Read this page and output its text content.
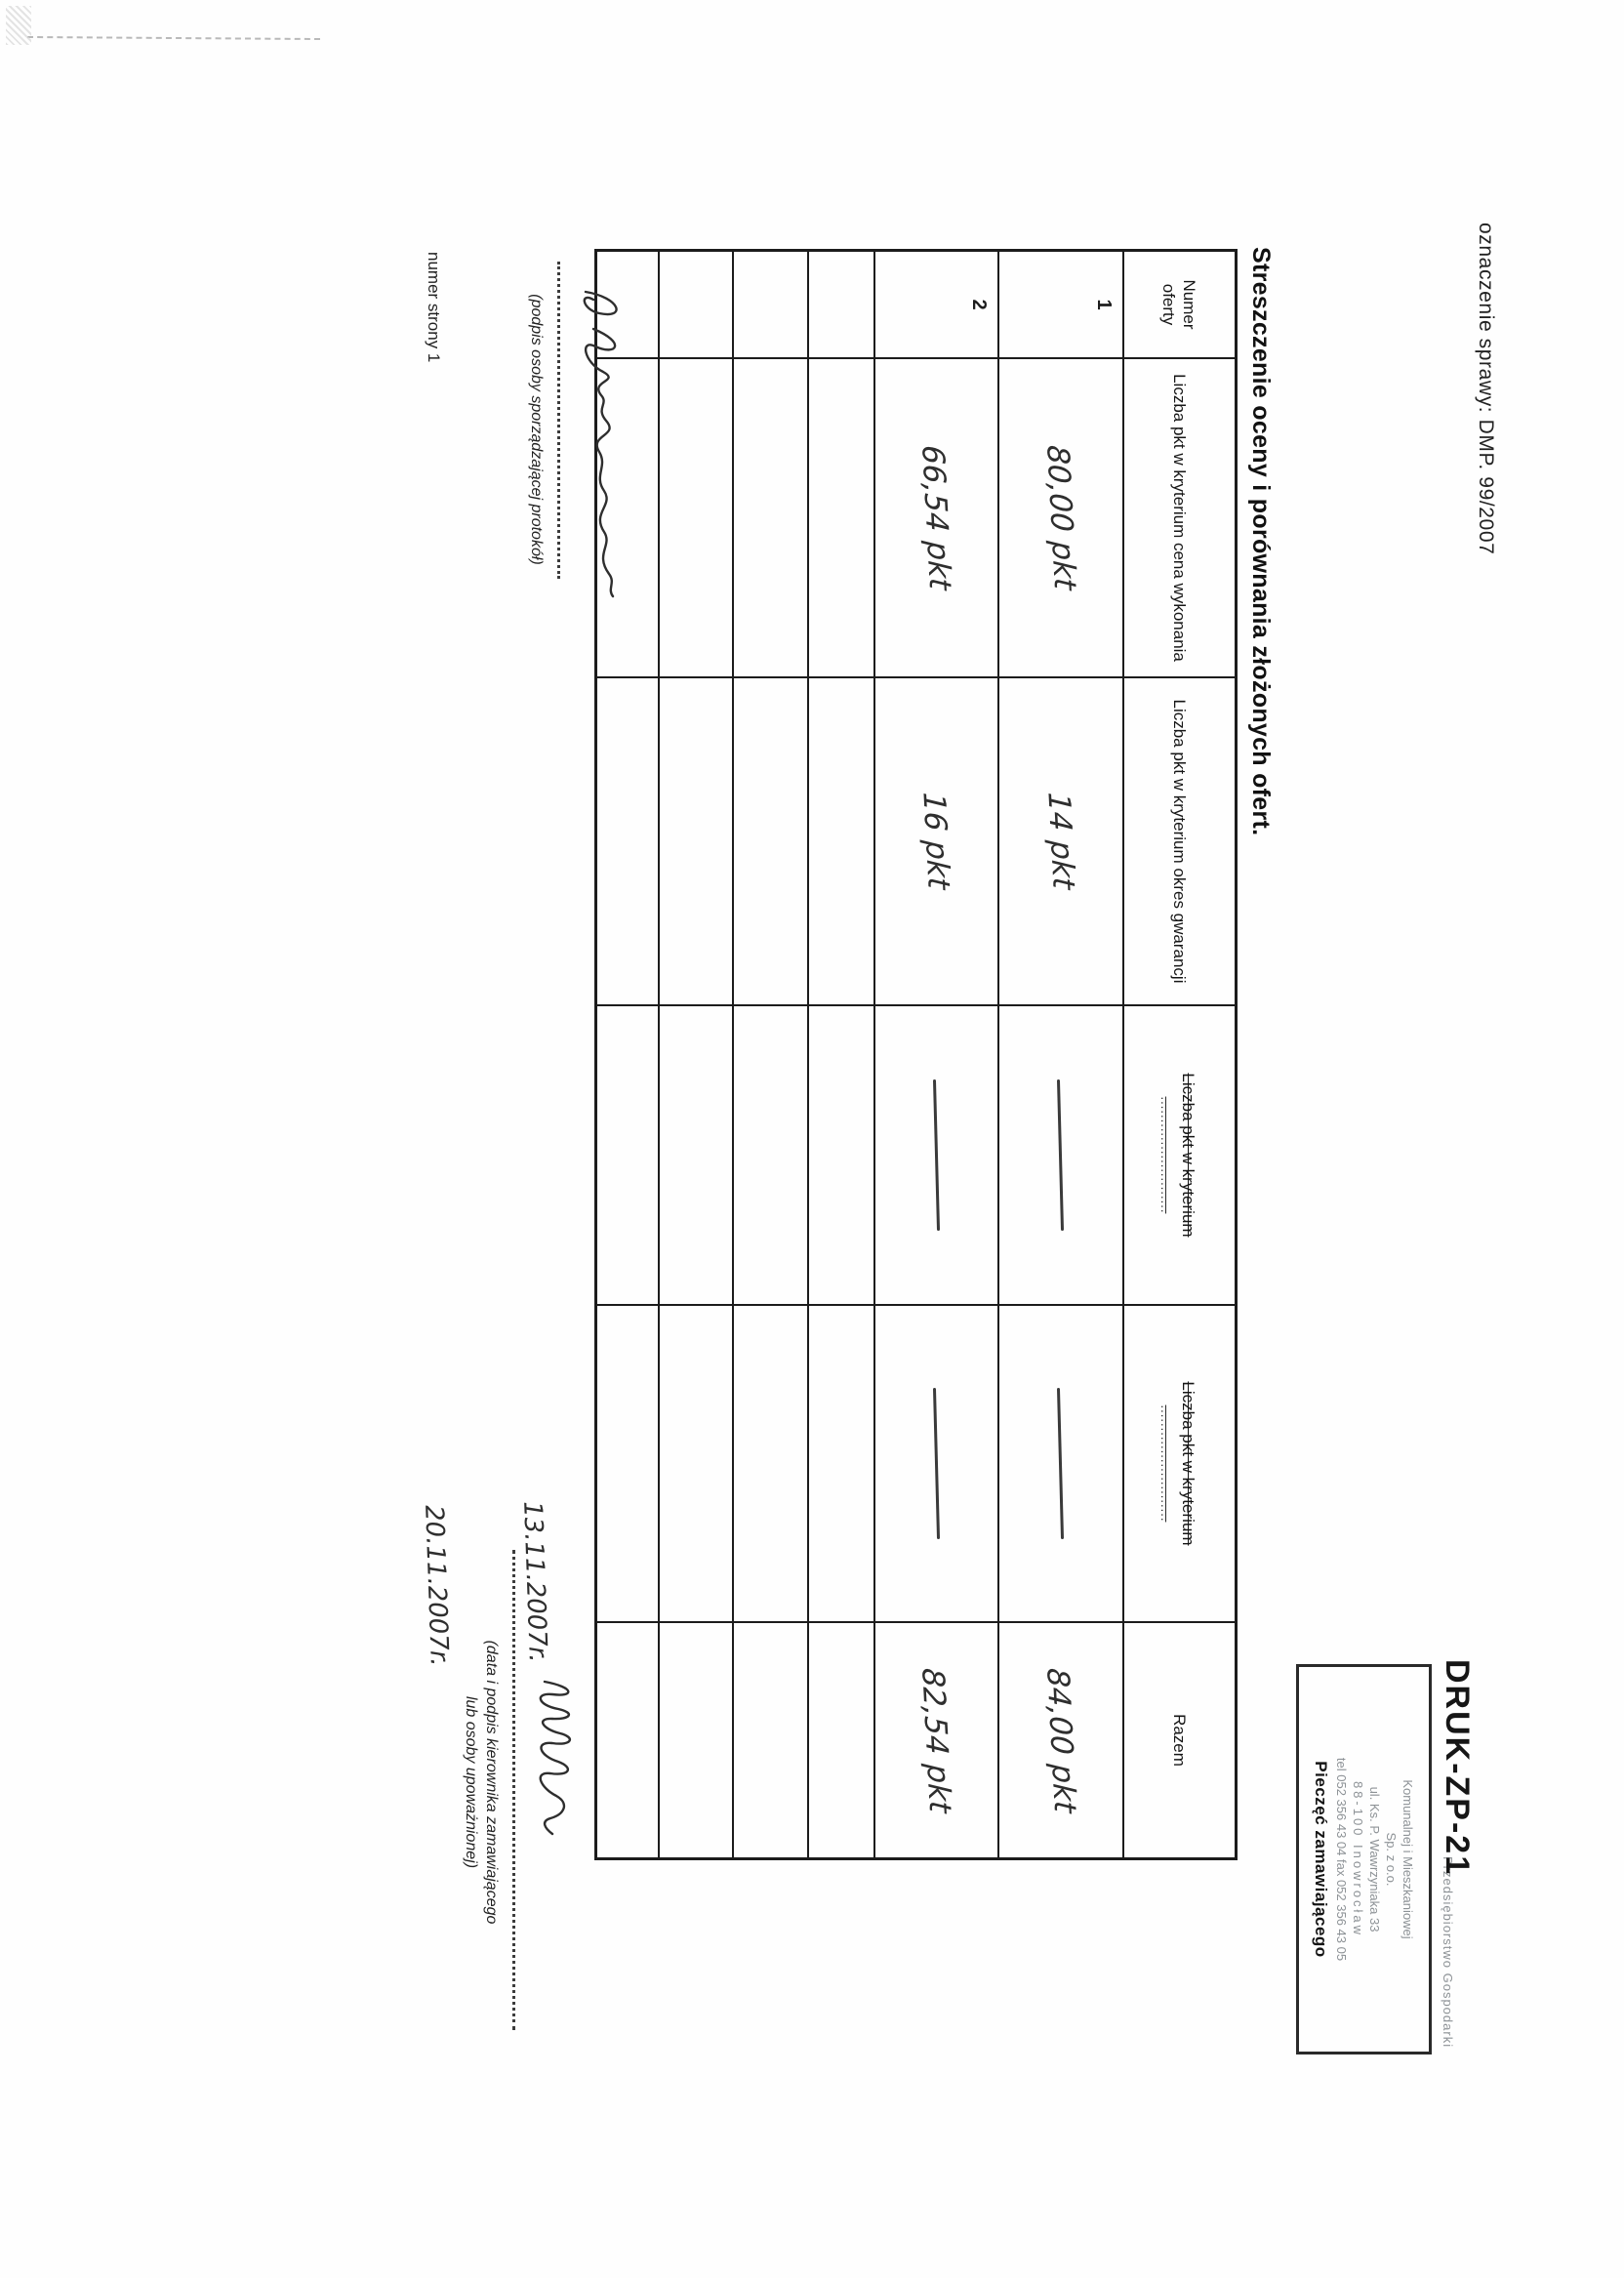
oznaczenie sprawy: DMP. 99/2007
Streszczenie oceny i porównania złożonych ofert.
Numer oferty
Liczba pkt w kryterium cena wykonania
Liczba pkt w kryterium okres gwarancji
Liczba pkt w kryterium
..........................
Liczba pkt w kryterium
..........................
Razem
1
80,00 pkt
14 pkt
84,00 pkt
2
66,54 pkt
16 pkt
82,54 pkt
Przedsiębiorstwo Gospodarki
DRUK-ZP-21
Komunalnej i Mieszkaniowej
Sp. z o.o.
ul. Ks. P. Wawrzyniaka 33
88-100 Inowrocław
tel 052 356 43 04 fax 052 356 43 05
Pieczęć zamawiającego
(podpis osoby sporządzającej protokół)
13.11.2007r.
(data i podpis kierownika zamawiającego
lub osoby upoważnionej)
20.11.2007r.
numer strony 1
